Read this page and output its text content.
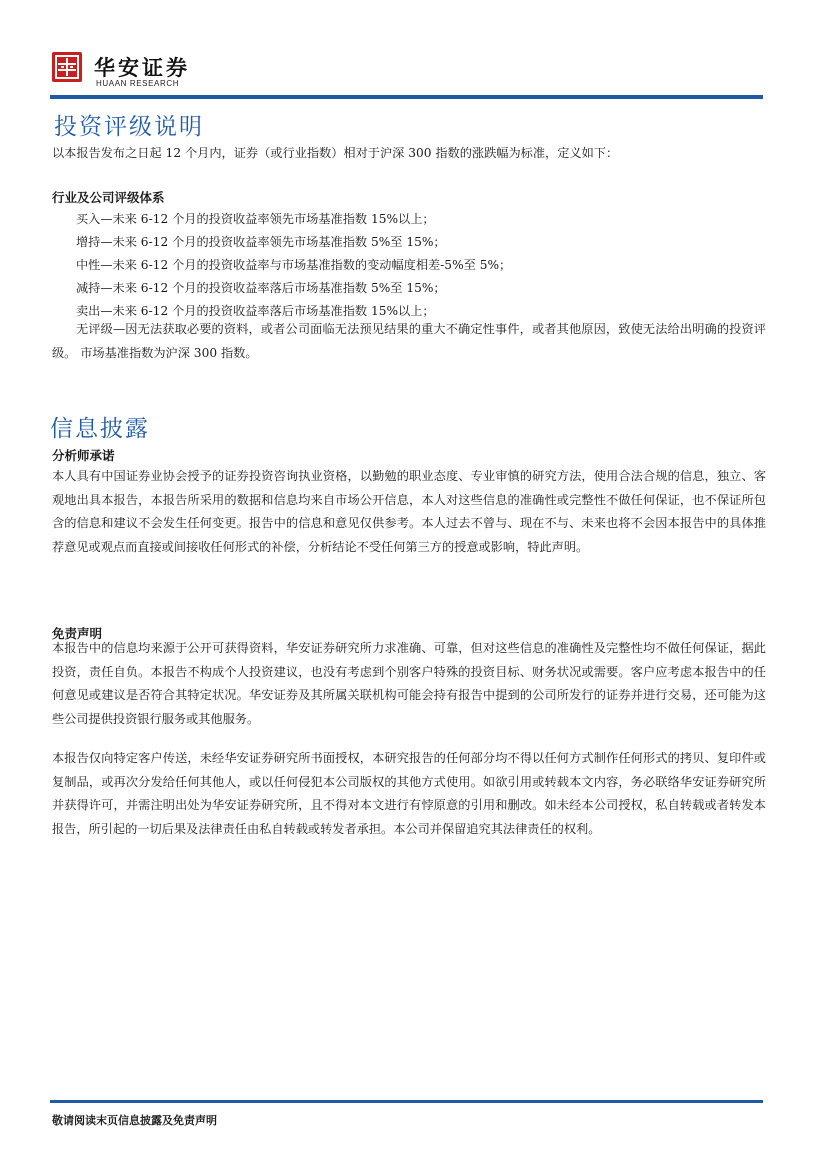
华安证券
HUAAN RESEARCH
投资评级说明
以本报告发布之日起 12 个月内，证券（或行业指数）相对于沪深 300 指数的涨跌幅为标准，定义如下：
行业及公司评级体系
买入—未来 6-12 个月的投资收益率领先市场基准指数 15%以上；
增持—未来 6-12 个月的投资收益率领先市场基准指数 5%至 15%；
中性—未来 6-12 个月的投资收益率与市场基准指数的变动幅度相差-5%至 5%；
减持—未来 6-12 个月的投资收益率落后市场基准指数 5%至 15%；
卖出—未来 6-12 个月的投资收益率落后市场基准指数 15%以上；
无评级—因无法获取必要的资料，或者公司面临无法预见结果的重大不确定性事件，或者其他原因，致使无法给出明确的投资评级。 市场基准指数为沪深 300 指数。
信息披露
分析师承诺
本人具有中国证券业协会授予的证券投资咨询执业资格，以勤勉的职业态度、专业审慎的研究方法，使用合法合规的信息，独立、客观地出具本报告，本报告所采用的数据和信息均来自市场公开信息，本人对这些信息的准确性或完整性不做任何保证，也不保证所包含的信息和建议不会发生任何变更。报告中的信息和意见仅供参考。本人过去不曾与、现在不与、未来也将不会因本报告中的具体推荐意见或观点而直接或间接收任何形式的补偿，分析结论不受任何第三方的授意或影响，特此声明。
免责声明
本报告中的信息均来源于公开可获得资料，华安证券研究所力求准确、可靠，但对这些信息的准确性及完整性均不做任何保证，据此投资，责任自负。本报告不构成个人投资建议，也没有考虑到个别客户特殊的投资目标、财务状况或需要。客户应考虑本报告中的任何意见或建议是否符合其特定状况。华安证券及其所属关联机构可能会持有报告中提到的公司所发行的证券并进行交易，还可能为这些公司提供投资银行服务或其他服务。
本报告仅向特定客户传送，未经华安证券研究所书面授权，本研究报告的任何部分均不得以任何方式制作任何形式的拷贝、复印件或复制品，或再次分发给任何其他人，或以任何侵犯本公司版权的其他方式使用。如欲引用或转载本文内容，务必联络华安证券研究所并获得许可，并需注明出处为华安证券研究所，且不得对本文进行有悖原意的引用和删改。如未经本公司授权，私自转载或者转发本报告，所引起的一切后果及法律责任由私自转载或转发者承担。本公司并保留追究其法律责任的权利。
敬请阅读末页信息披露及免责声明
